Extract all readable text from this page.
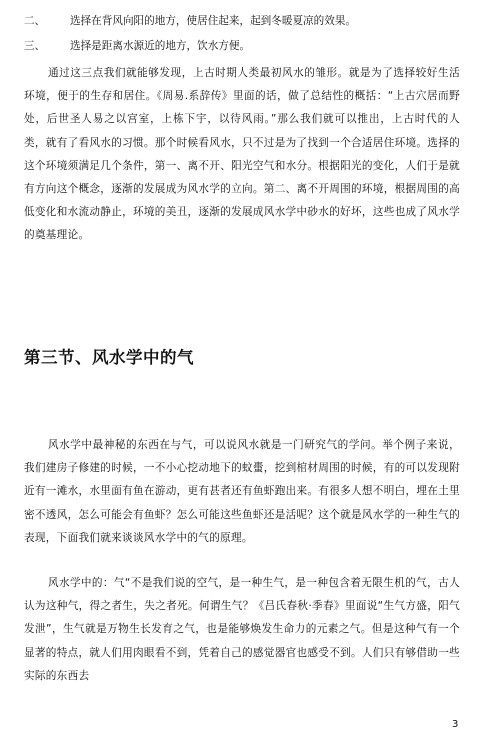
二、 选择在背风向阳的地方，使居住起来，起到冬暖夏凉的效果。
三、 选择是距离水源近的地方，饮水方便。

通过这三点我们就能够发现，上古时期人类最初风水的雏形。就是为了选择较好生活环境，便于的生存和居住。《周易.系辞传》里面的话，做了总结性的概括：“上古穴居而野处，后世圣人易之以宫室，上栋下宇，以待风雨。”那么我们就可以推出，上古时代的人类，就有了看风水的习惯。那个时候看风水，只不过是为了找到一个合适居住环境。选择的这个环境须满足几个条件，第一、离不开、阳光空气和水分。根据阳光的变化，人们于是就有方向这个概念，逐渐的发展成为风水学的立向。第二、离不开周围的环境，根据周围的高低变化和水流动静止，环境的美丑，逐渐的发展成风水学中砂水的好坏，这些也成了风水学的奠基理论。

第三节、风水学中的气

风水学中最神秘的东西在与气，可以说风水就是一门研究气的学问。举个例子来说，我们建房子修建的时候，一不小心挖动地下的蚊蟗，挖到棺材周围的时候，有的可以发现附近有一滩水，水里面有鱼在游动，更有甚者还有鱼虾跑出来。有很多人想不明白，埋在土里密不透风，怎么可能会有鱼虾？怎么可能这些鱼虾还是活呢？这个就是风水学的一种生气的表现，下面我们就来谈谈风水学中的气的原理。

风水学中的：气“不是我们说的空气，是一种生气，是一种包含着无限生机的气，古人认为这种气，得之者生，失之者死。何谓生气？《吕氏春秋·季春》里面说“生气方盛，阳气发泄”，生气就是万物生长发育之气，也是能够焕发生命力的元素之气。但是这种气有一个显著的特点，就人们用肉眼看不到，凭着自己的感觉器官也感受不到。人们只有够借助一些实际的东西去

3
